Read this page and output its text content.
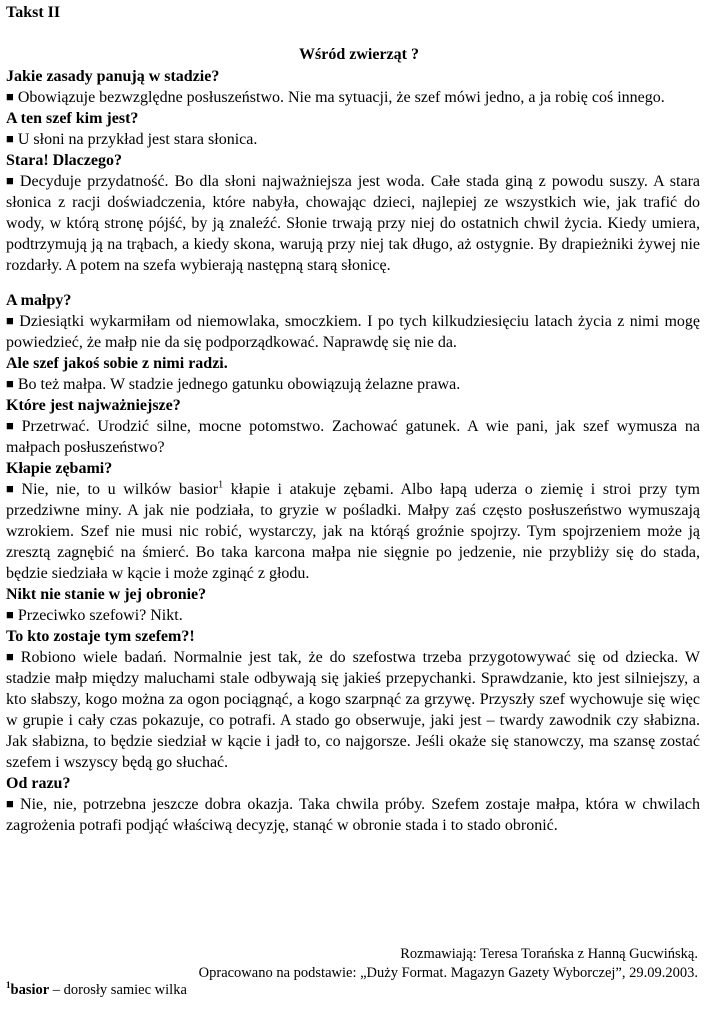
Takst II
Wśród zwierząt ?

Jakie zasady panują w stadzie?

■ Obowiązuje bezwzględne posłuszeństwo. Nie ma sytuacji, że szef mówi jedno, a ja robię coś innego.

A ten szef kim jest?

■ U słoni na przykład jest stara słonica.

Stara! Dlaczego?

■ Decyduje przydatność. Bo dla słoni najważniejsza jest woda. Całe stada giną z powodu suszy. A stara słonica z racji doświadczenia, które nabyła, chowając dzieci, najlepiej ze wszystkich wie, jak trafić do wody, w którą stronę pójść, by ją znaleźć. Słonie trwają przy niej do ostatnich chwil życia. Kiedy umiera, podtrzymują ją na trąbach, a kiedy skona, warują przy niej tak długo, aż ostygnie. By drapieżniki żywej nie rozdarły. A potem na szefa wybierają następną starą słonicę.

A małpy?

■ Dziesiątki wykarmiłam od niemowlaka, smoczkiem. I po tych kilkudziesięciu latach życia z nimi mogę powiedzieć, że małp nie da się podporządkować. Naprawdę się nie da.

Ale szef jakoś sobie z nimi radzi.

■ Bo też małpa. W stadzie jednego gatunku obowiązują żelazne prawa.

Które jest najważniejsze?

■ Przetrwać. Urodzić silne, mocne potomstwo. Zachować gatunek. A wie pani, jak szef wymusza na małpach posłuszeństwo?

Kłapie zębami?

■ Nie, nie, to u wilków basior$^1$ kłapie i atakuje zębami. Albo łapą uderza o ziemię i stroi przy tym przedziwne miny. A jak nie podziała, to gryzie w pośladki. Małpy zaś często posłuszeństwo wymuszają wzrokiem. Szef nie musi nic robić, wystarczy, jak na którąś groźnie spojrzy. Tym spojrzeniem może ją zresztą zagnębić na śmierć. Bo taka karcona małpa nie sięgnie po jedzenie, nie przybliży się do stada, będzie siedziała w kącie i może zginąć z głodu.

Nikt nie stanie w jej obronie?

■ Przeciwko szefowi? Nikt.

To kto zostaje tym szefem?!

■ Robiono wiele badań. Normalnie jest tak, że do szefostwa trzeba przygotowywać się od dziecka. W stadzie małp między maluchami stale odbywają się jakieś przepychanki. Sprawdzanie, kto jest silniejszy, a kto słabszy, kogo można za ogon pociągnąć, a kogo szarpnąć za grzywę. Przyszły szef wychowuje się więc w grupie i cały czas pokazuje, co potrafi. A stado go obserwuje, jaki jest – twardy zawodnik czy słabizna. Jak słabizna, to będzie siedział w kącie i jadł to, co najgorsze. Jeśli okaże się stanowczy, ma szansę zostać szefem i wszyscy będą go słuchać.

Od razu?

■ Nie, nie, potrzebna jeszcze dobra okazja. Taka chwila próby. Szefem zostaje małpa, która w chwilach zagrożenia potrafi podjąć właściwą decyzję, stanąć w obronie stada i to stado obronić.

Rozmawiają: Teresa Torańska z Hanną Gucwińską.
Opracowano na podstawie: „Duży Format. Magazyn Gazety Wyborczej”, 29.09.2003.
$^1$basior – dorosły samiec wilka
